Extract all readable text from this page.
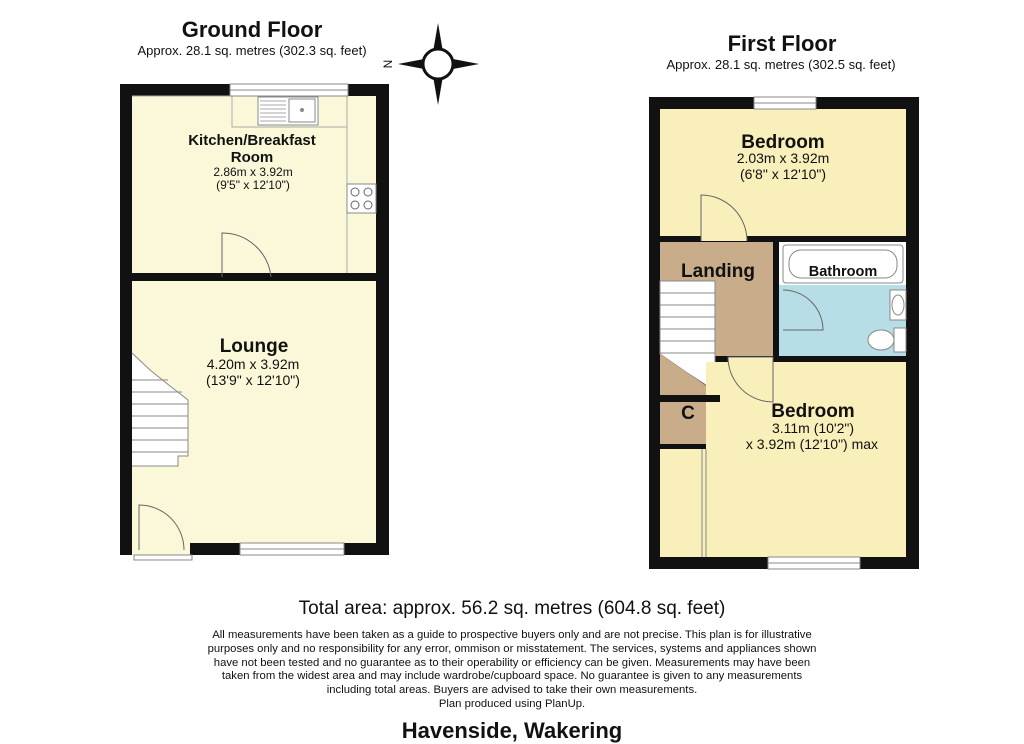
Kitchen/Breakfast
Room
2.86m x 3.92m
(9'5" x 12'10")
Lounge
4.20m x 3.92m
(13'9" x 12'10")
Ground Floor
Approx. 28.1 sq. metres (302.3 sq. feet)
N
Bedroom
2.03m x 3.92m
(6'8" x 12'10")
Landing	Bathroom
C	Bedroom
3.11m (10'2")
x 3.92m (12'10") max
First Floor
Approx. 28.1 sq. metres (302.5 sq. feet)
Total area: approx. 56.2 sq. metres (604.8 sq. feet)
All measurements have been taken as a guide to prospective buyers only and are not precise. This plan is for illustrative
purposes only and no responsibility for any error, ommison or misstatement. The services, systems and appliances shown
have not been tested and no guarantee as to their operability or efficiency can be given. Measurements may have been
taken from the widest area and may include wardrobe/cupboard space. No guarantee is given to any measurements
including total areas. Buyers are advised to take their own measurements.
Plan produced using PlanUp.
Havenside, Wakering
